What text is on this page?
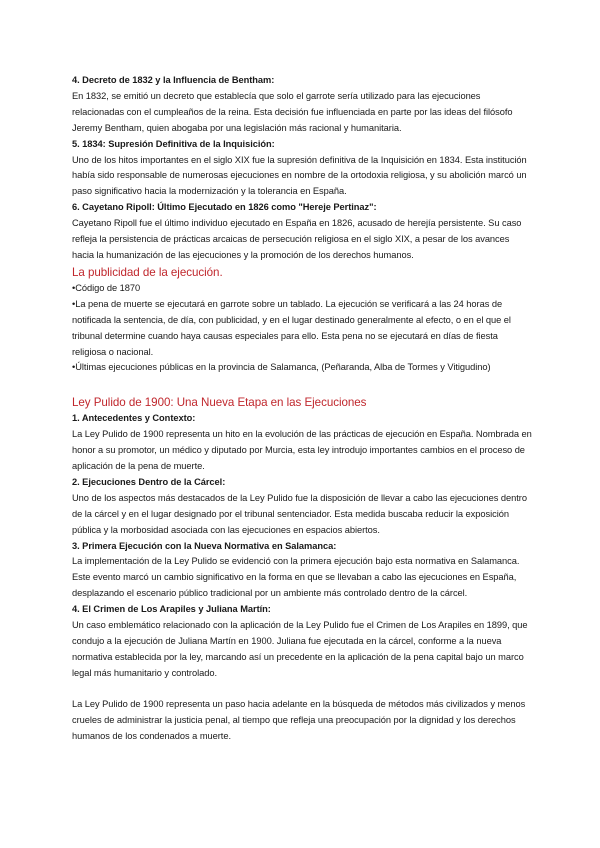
4. Decreto de 1832 y la Influencia de Bentham:

En 1832, se emitió un decreto que establecía que solo el garrote sería utilizado para las ejecuciones relacionadas con el cumpleaños de la reina. Esta decisión fue influenciada en parte por las ideas del filósofo Jeremy Bentham, quien abogaba por una legislación más racional y humanitaria.

5. 1834: Supresión Definitiva de la Inquisición:

Uno de los hitos importantes en el siglo XIX fue la supresión definitiva de la Inquisición en 1834. Esta institución había sido responsable de numerosas ejecuciones en nombre de la ortodoxia religiosa, y su abolición marcó un paso significativo hacia la modernización y la tolerancia en España.

6. Cayetano Ripoll: Último Ejecutado en 1826 como "Hereje Pertinaz":

Cayetano Ripoll fue el último individuo ejecutado en España en 1826, acusado de herejía persistente. Su caso refleja la persistencia de prácticas arcaicas de persecución religiosa en el siglo XIX, a pesar de los avances hacia la humanización de las ejecuciones y la promoción de los derechos humanos.

La publicidad de la ejecución.

• Código de 1870

• La pena de muerte se ejecutará en garrote sobre un tablado. La ejecución se verificará a las 24 horas de notificada la sentencia, de día, con publicidad, y en el lugar destinado generalmente al efecto, o en el que el tribunal determine cuando haya causas especiales para ello. Esta pena no se ejecutará en días de fiesta religiosa o nacional.

• Últimas ejecuciones públicas en la provincia de Salamanca, (Peñaranda, Alba de Tormes y Vitigudino)

Ley Pulido de 1900: Una Nueva Etapa en las Ejecuciones

1. Antecedentes y Contexto:

La Ley Pulido de 1900 representa un hito en la evolución de las prácticas de ejecución en España. Nombrada en honor a su promotor, un médico y diputado por Murcia, esta ley introdujo importantes cambios en el proceso de aplicación de la pena de muerte.

2. Ejecuciones Dentro de la Cárcel:

Uno de los aspectos más destacados de la Ley Pulido fue la disposición de llevar a cabo las ejecuciones dentro de la cárcel y en el lugar designado por el tribunal sentenciador. Esta medida buscaba reducir la exposición pública y la morbosidad asociada con las ejecuciones en espacios abiertos.

3. Primera Ejecución con la Nueva Normativa en Salamanca:

La implementación de la Ley Pulido se evidenció con la primera ejecución bajo esta normativa en Salamanca. Este evento marcó un cambio significativo en la forma en que se llevaban a cabo las ejecuciones en España, desplazando el escenario público tradicional por un ambiente más controlado dentro de la cárcel.

4. El Crimen de Los Arapiles y Juliana Martín:

Un caso emblemático relacionado con la aplicación de la Ley Pulido fue el Crimen de Los Arapiles en 1899, que condujo a la ejecución de Juliana Martín en 1900. Juliana fue ejecutada en la cárcel, conforme a la nueva normativa establecida por la ley, marcando así un precedente en la aplicación de la pena capital bajo un marco legal más humanitario y controlado.

La Ley Pulido de 1900 representa un paso hacia adelante en la búsqueda de métodos más civilizados y menos crueles de administrar la justicia penal, al tiempo que refleja una preocupación por la dignidad y los derechos humanos de los condenados a muerte.
